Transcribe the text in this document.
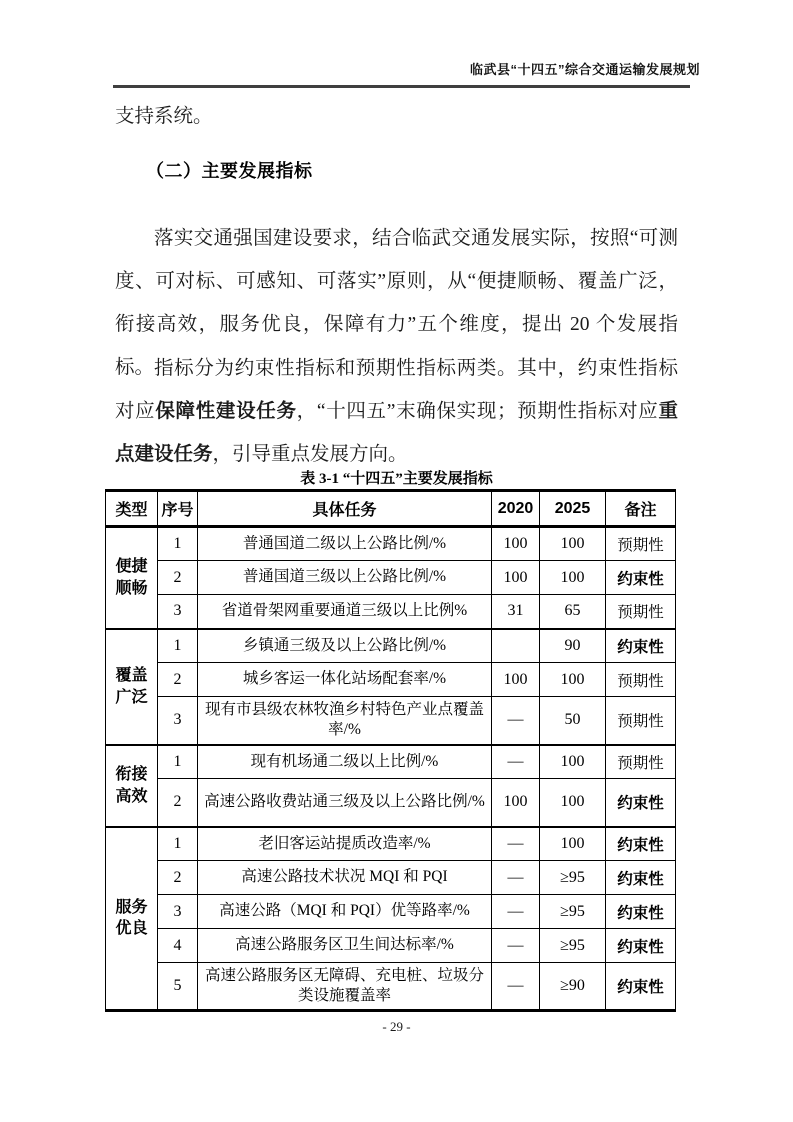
临武县“十四五”综合交通运输发展规划

支持系统。

（二）主要发展指标

落实交通强国建设要求，结合临武交通发展实际，按照“可测度、可对标、可感知、可落实”原则，从“便捷顺畅、覆盖广泛，衔接高效，服务优良，保障有力”五个维度，提出 20 个发展指标。 指标分为约束性指标和预期性指标两类。其中，约束性指标对应保障性建设任务，“十四五”末确保实现；预期性指标对应重点建设任务，引导重点发展方向。

表 3-1 “十四五”主要发展指标
类型	序号	具体任务	2020	2025	备注
便捷顺畅	1	普通国道二级以上公路比例/%	100	100	预期性
	2	普通国道三级以上公路比例/%	100	100	约束性
	3	省道骨架网重要通道三级以上比例%	31	65	预期性
覆盖广泛	1	乡镇通三级及以上公路比例/%		90	约束性
	2	城乡客运一体化站场配套率/%	100	100	预期性
	3	现有市县级农林牧渔乡村特色产业点覆盖率/%	—	50	预期性
衔接高效	1	现有机场通二级以上比例/%	—	100	预期性
	2	高速公路收费站通三级及以上公路比例/%	100	100	约束性
服务优良	1	老旧客运站提质改造率/%	—	100	约束性
	2	高速公路技术状况 MQI 和 PQI	—	≥95	约束性
	3	高速公路（MQI 和 PQI）优等路率/%	—	≥95	约束性
	4	高速公路服务区卫生间达标率/%	—	≥95	约束性
	5	高速公路服务区无障碍、充电桩、垃圾分类设施覆盖率	—	≥90	约束性
- 29 -
